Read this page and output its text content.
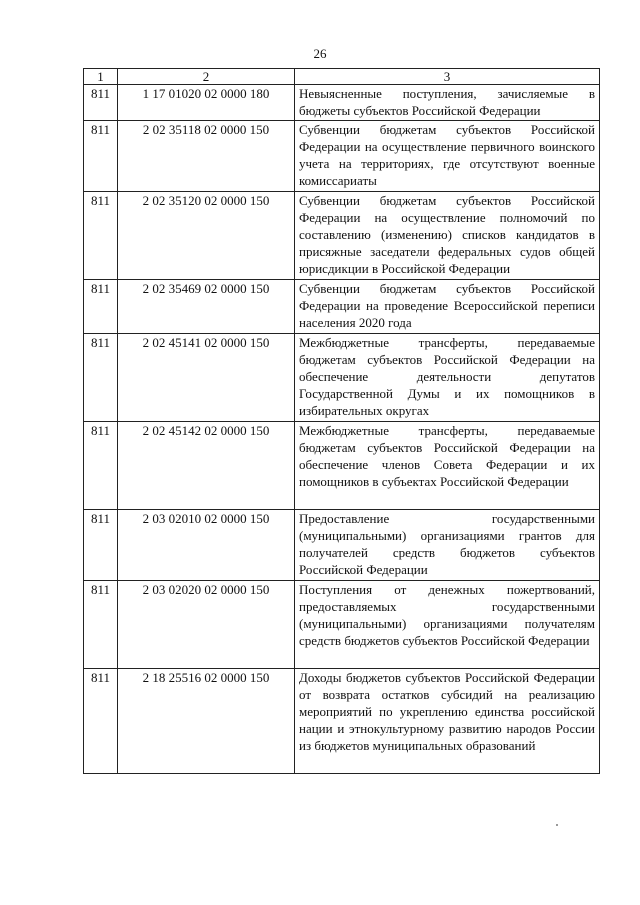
26
1	2	3
811	1 17 01020 02 0000 180	Невыясненные поступления, зачисляемые в бюджеты субъектов Российской Федерации
811	2 02 35118 02 0000 150	Субвенции бюджетам субъектов Российской Федерации на осуществление первичного воинского учета на территориях, где отсутствуют военные комиссариаты
811	2 02 35120 02 0000 150	Субвенции бюджетам субъектов Российской Федерации на осуществление полномочий по составлению (изменению) списков кандидатов в присяжные заседатели федеральных судов общей юрисдикции в Российской Федерации
811	2 02 35469 02 0000 150	Субвенции бюджетам субъектов Российской Федерации на проведение Всероссийской переписи населения 2020 года
811	2 02 45141 02 0000 150	Межбюджетные трансферты, передаваемые бюджетам субъектов Российской Федерации на обеспечение деятельности депутатов Государственной Думы и их помощников в избирательных округах
811	2 02 45142 02 0000 150	Межбюджетные трансферты, передаваемые бюджетам субъектов Российской Федерации на обеспечение членов Совета Федерации и их помощников в субъектах Российской Федерации
811	2 03 02010 02 0000 150	Предоставление государственными (муниципальными) организациями грантов для получателей средств бюджетов субъектов Российской Федерации
811	2 03 02020 02 0000 150	Поступления от денежных пожертвований, предоставляемых государственными (муниципальными) организациями получателям средств бюджетов субъектов Российской Федерации
811	2 18 25516 02 0000 150	Доходы бюджетов субъектов Российской Федерации от возврата остатков субсидий на реализацию мероприятий по укреплению единства российской нации и этнокультурному развитию народов России из бюджетов муниципальных образований
